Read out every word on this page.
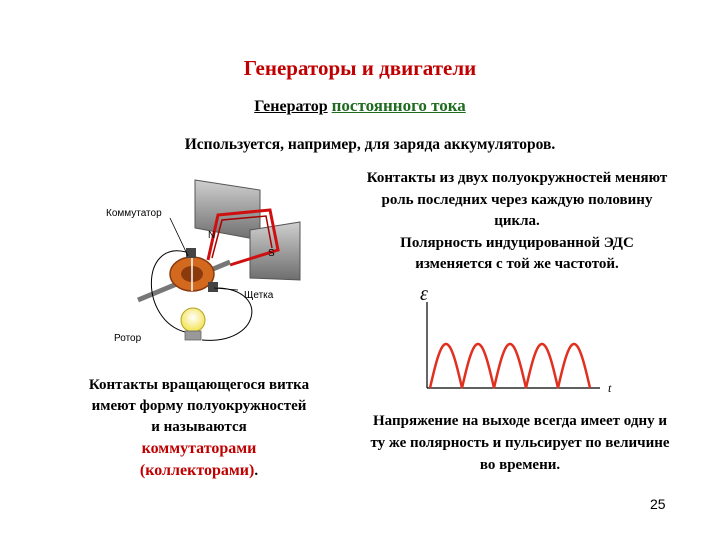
Генераторы и двигатели
Генератор постоянного тока
Используется, например, для заряда аккумуляторов.
Контакты из двух полуокружностей меняют роль последних через каждую половину цикла.
Полярность индуцированной ЭДС изменяется с той же частотой.
N
S
Коммутатор
Щетка
Ротор
ε
t
Контакты вращающегося витка имеют форму полуокружностей и называются
коммутаторами (коллекторами).
Напряжение на выходе всегда имеет одну и ту же полярность и пульсирует по величине во времени.
25
